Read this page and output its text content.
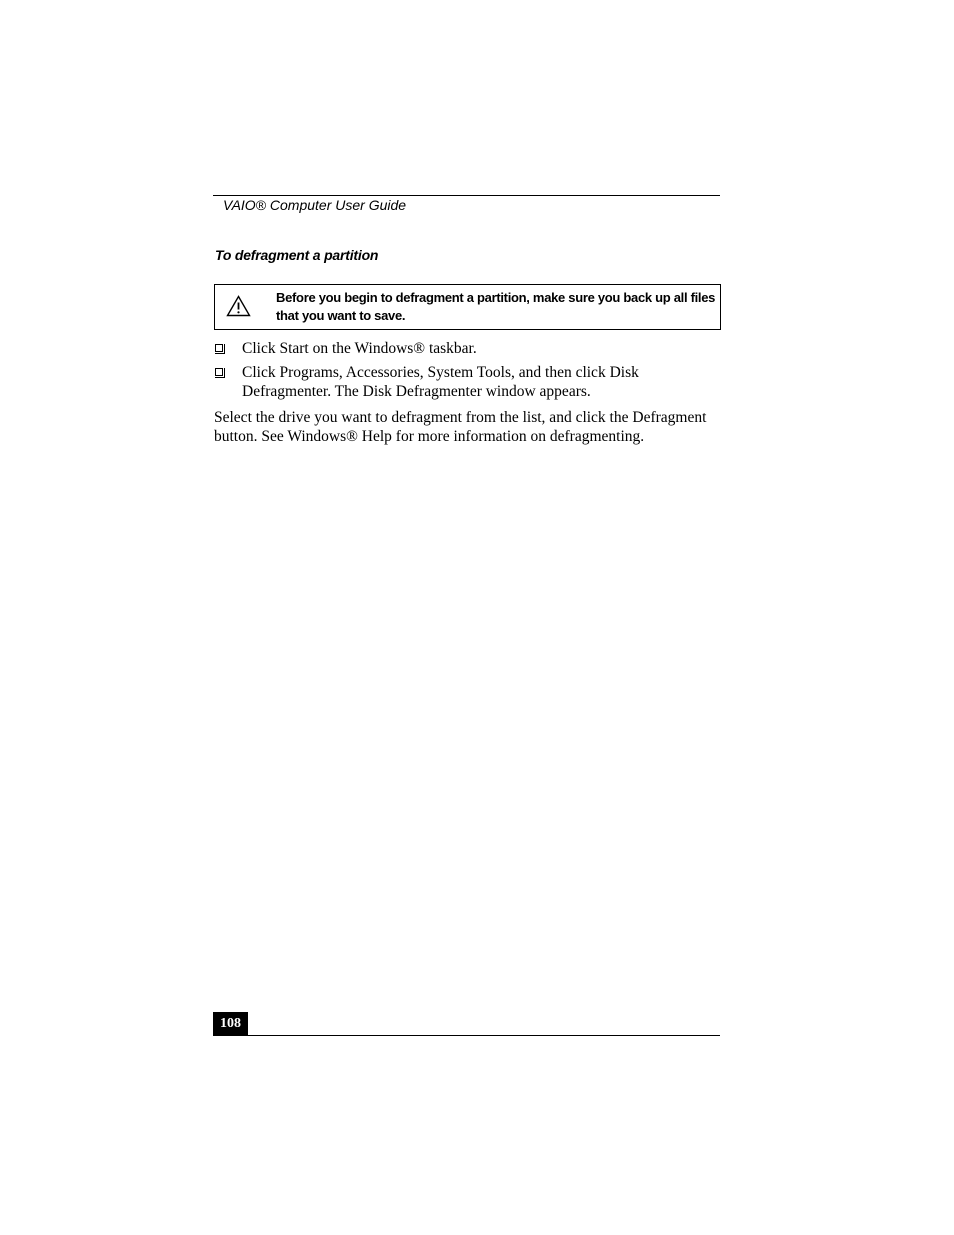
VAIO® Computer User Guide
To defragment a partition
Before you begin to defragment a partition, make sure you back up all files that you want to save.
Click Start on the Windows® taskbar.
Click Programs, Accessories, System Tools, and then click Disk Defragmenter. The Disk Defragmenter window appears.

Select the drive you want to defragment from the list, and click the Defragment button. See Windows® Help for more information on defragmenting.

108
